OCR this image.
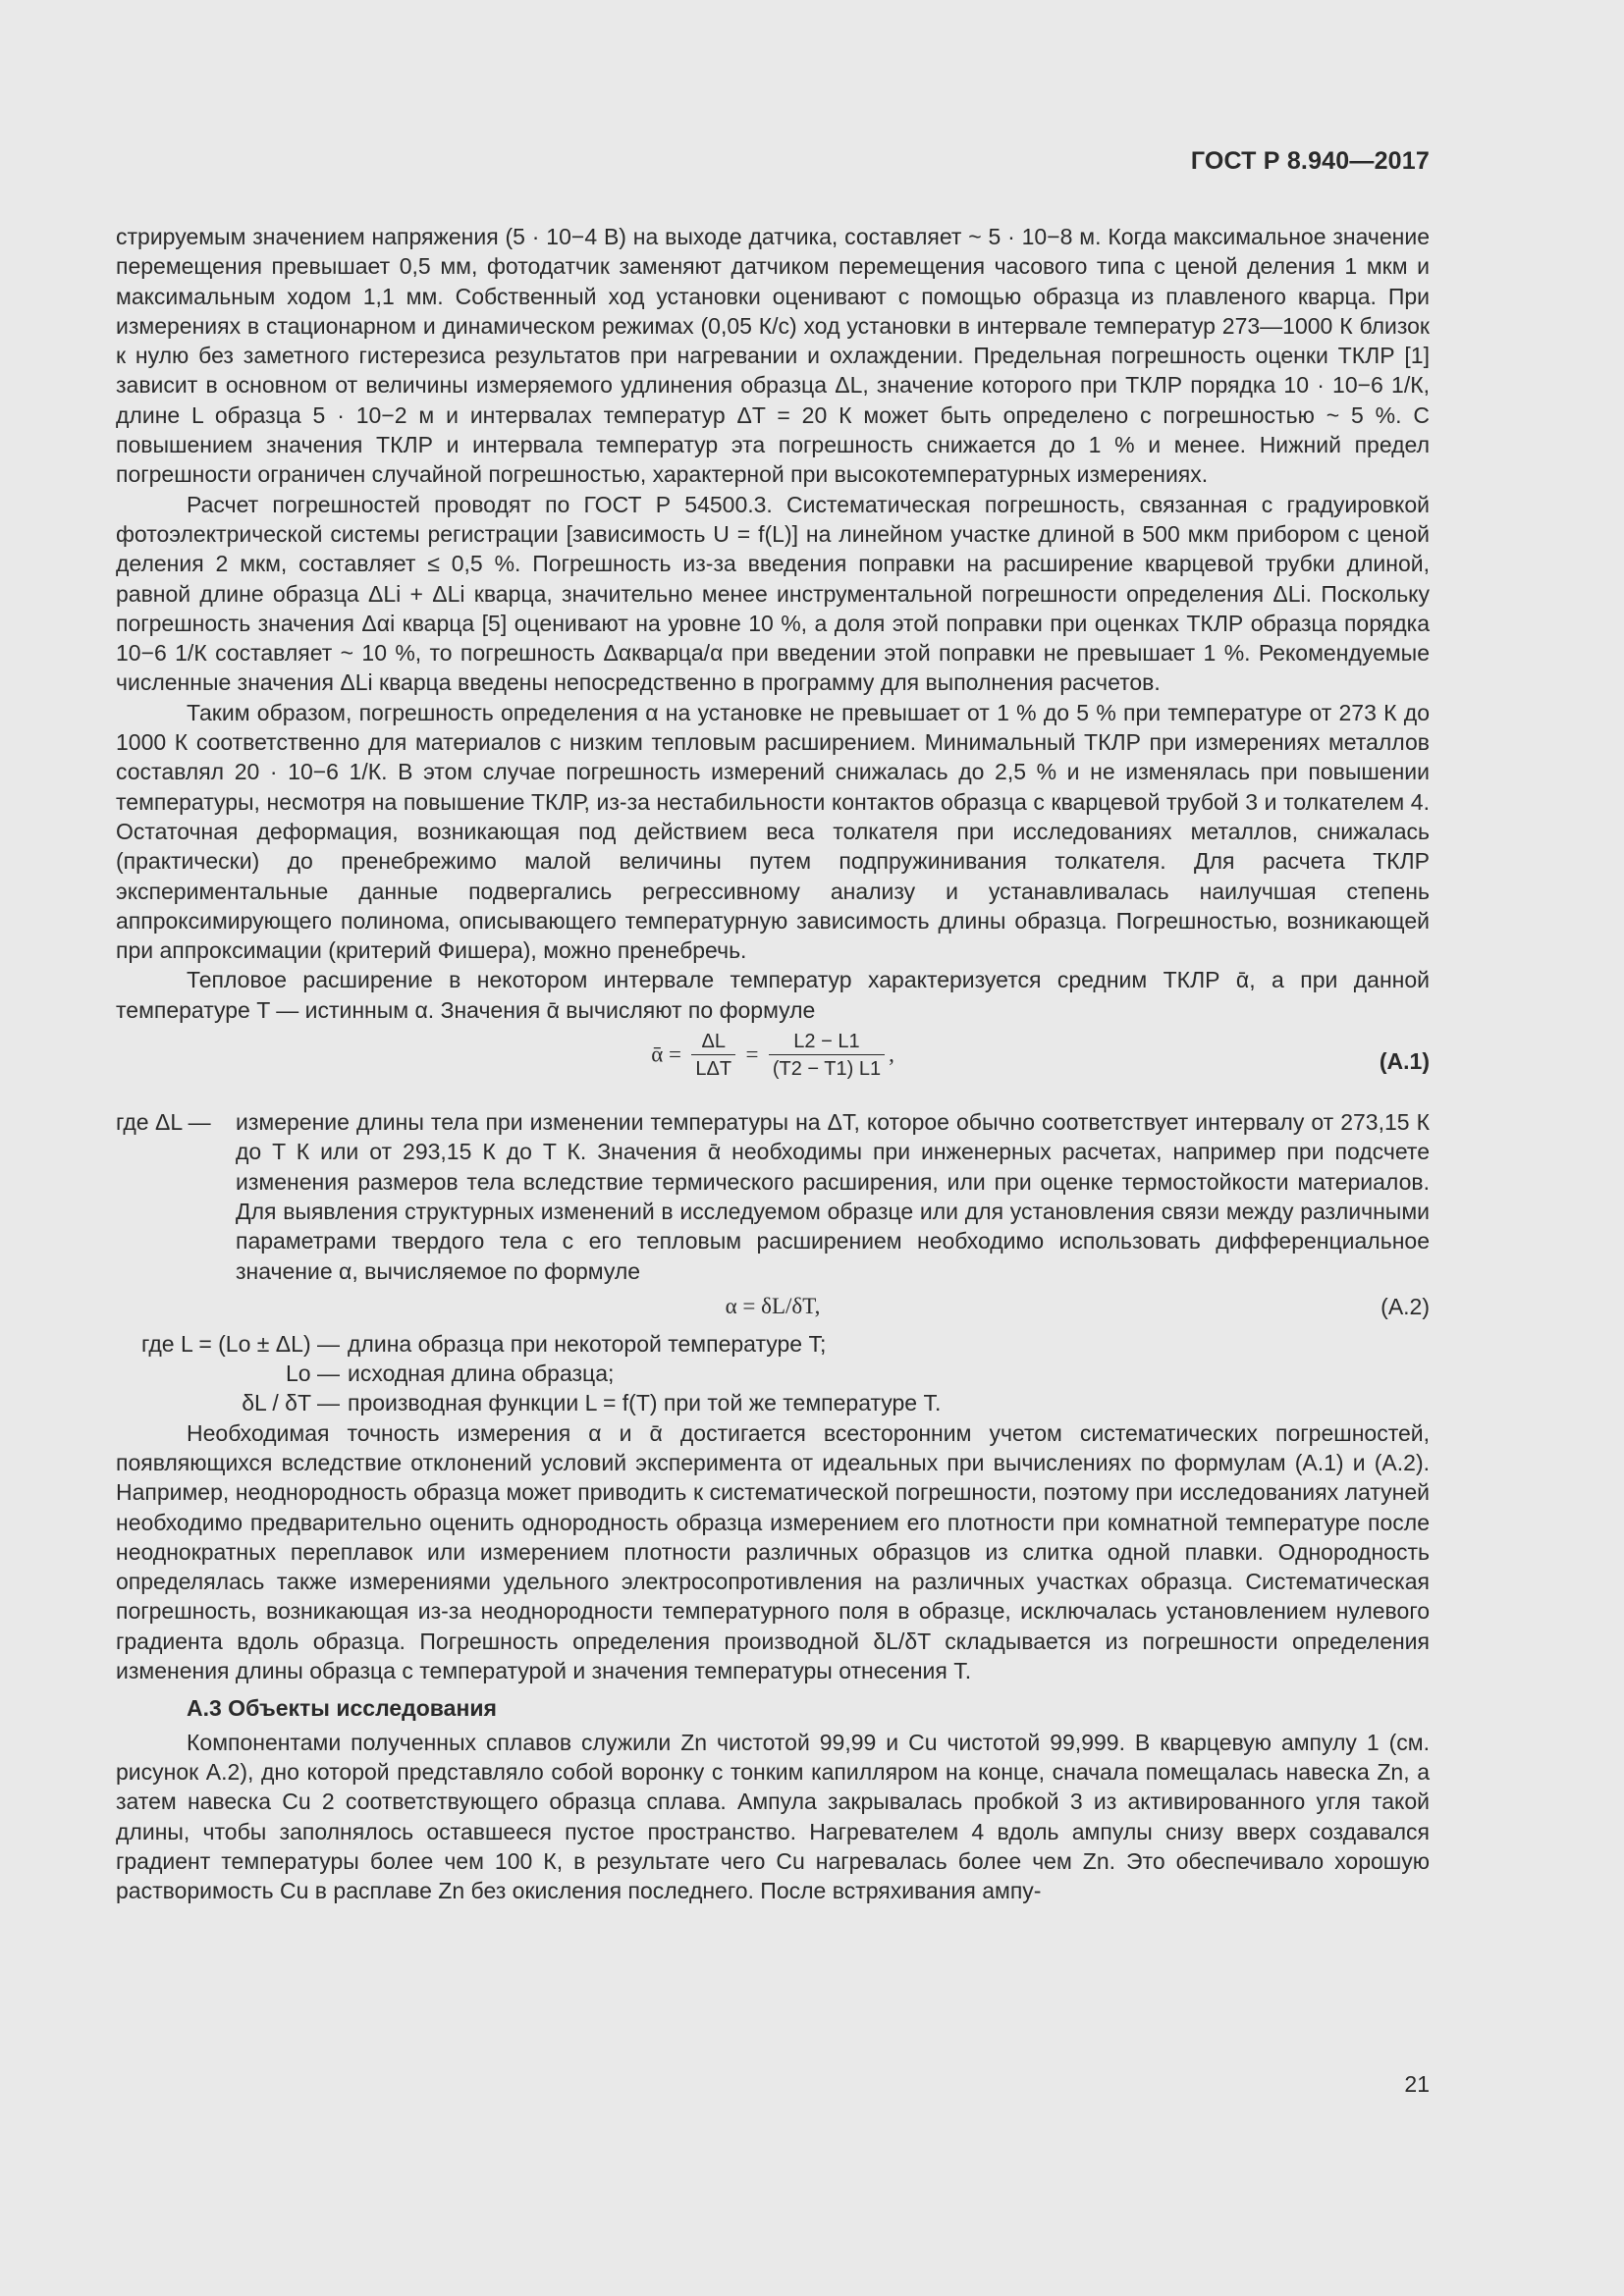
ГОСТ Р 8.940—2017

стрируемым значением напряжения (5 · 10−4 В) на выходе датчика, составляет ~ 5 · 10−8 м. Когда максимальное значение перемещения превышает 0,5 мм, фотодатчик заменяют датчиком перемещения часового типа с ценой деления 1 мкм и максимальным ходом 1,1 мм. Собственный ход установки оценивают с помощью образца из плавленого кварца. При измерениях в стационарном и динамическом режимах (0,05 К/с) ход установки в интервале температур 273—1000 К близок к нулю без заметного гистерезиса результатов при нагревании и охлаждении. Предельная погрешность оценки ТКЛР [1] зависит в основном от величины измеряемого удлинения образца ΔL, значение которого при ТКЛР порядка 10 · 10−6 1/К, длине L образца 5 · 10−2 м и интервалах температур ΔT = 20 К может быть определено с погрешностью ~ 5 %. С повышением значения ТКЛР и интервала температур эта погрешность снижается до 1 % и менее. Нижний предел погрешности ограничен случайной погрешностью, характерной при высокотемпературных измерениях.

Расчет погрешностей проводят по ГОСТ Р 54500.3. Систематическая погрешность, связанная с градуировкой фотоэлектрической системы регистрации [зависимость U = f(L)] на линейном участке длиной в 500 мкм прибором с ценой деления 2 мкм, составляет ≤ 0,5 %. Погрешность из-за введения поправки на расширение кварцевой трубки длиной, равной длине образца ΔLi + ΔLi кварца, значительно менее инструментальной погрешности определения ΔLi. Поскольку погрешность значения Δαi кварца [5] оценивают на уровне 10 %, а доля этой поправки при оценках ТКЛР образца порядка 10−6 1/К составляет ~ 10 %, то погрешность Δαкварца/α при введении этой поправки не превышает 1 %. Рекомендуемые численные значения ΔLi кварца введены непосредственно в программу для выполнения расчетов.

Таким образом, погрешность определения α на установке не превышает от 1 % до 5 % при температуре от 273 К до 1000 К соответственно для материалов с низким тепловым расширением. Минимальный ТКЛР при измерениях металлов составлял 20 · 10−6 1/К. В этом случае погрешность измерений снижалась до 2,5 % и не изменялась при повышении температуры, несмотря на повышение ТКЛР, из-за нестабильности контактов образца с кварцевой трубой 3 и толкателем 4. Остаточная деформация, возникающая под действием веса толкателя при исследованиях металлов, снижалась (практически) до пренебрежимо малой величины путем подпружинивания толкателя. Для расчета ТКЛР экспериментальные данные подвергались регрессивному анализу и устанавливалась наилучшая степень аппроксимирующего полинома, описывающего температурную зависимость длины образца. Погрешностью, возникающей при аппроксимации (критерий Фишера), можно пренебречь.

Тепловое расширение в некотором интервале температур характеризуется средним ТКЛР ᾱ, а при данной температуре T — истинным α. Значения ᾱ вычисляют по формуле

ᾱ = $\frac{\Delta L}{\text{LΔT}} = \frac{L2 - L1}{(T2 - T1) L1}$ ,	(А.1)
где ΔL —	измерение длины тела при изменении температуры на ΔT, которое обычно соответствует интервалу от 273,15 К до T К или от 293,15 К до T К. Значения ᾱ необходимы при инженерных расчетах, например при подсчете изменения размеров тела вследствие термического расширения, или при оценке термостойкости материалов. Для выявления структурных изменений в исследуемом образце или для установления связи между различными параметрами твердого тела с его тепловым расширением необходимо использовать дифференциальное значение α, вычисляемое по формуле
α = δL/δT,	(А.2)
где L = (Lo ± ΔL) — длина образца при некоторой температуре T;
Lo — исходная длина образца;
δL / δT — производная функции L = f(T) при той же температуре T.

Необходимая точность измерения α и ᾱ достигается всесторонним учетом систематических погрешностей, появляющихся вследствие отклонений условий эксперимента от идеальных при вычислениях по формулам (А.1) и (А.2). Например, неоднородность образца может приводить к систематической погрешности, поэтому при исследованиях латуней необходимо предварительно оценить однородность образца измерением его плотности при комнатной температуре после неоднократных переплавок или измерением плотности различных образцов из слитка одной плавки. Однородность определялась также измерениями удельного электросопротивления на различных участках образца. Систематическая погрешность, возникающая из-за неоднородности температурного поля в образце, исключалась установлением нулевого градиента вдоль образца. Погрешность определения производной δL/δT складывается из погрешности определения изменения длины образца с температурой и значения температуры отнесения T.

А.3 Объекты исследования

Компонентами полученных сплавов служили Zn чистотой 99,99 и Cu чистотой 99,999. В кварцевую ампулу 1 (см. рисунок А.2), дно которой представляло собой воронку с тонким капилляром на конце, сначала помещалась навеска Zn, а затем навеска Cu 2 соответствующего образца сплава. Ампула закрывалась пробкой 3 из активированного угля такой длины, чтобы заполнялось оставшееся пустое пространство. Нагревателем 4 вдоль ампулы снизу вверх создавался градиент температуры более чем 100 К, в результате чего Cu нагревалась более чем Zn. Это обеспечивало хорошую растворимость Cu в расплаве Zn без окисления последнего. После встряхивания ампу-

21
